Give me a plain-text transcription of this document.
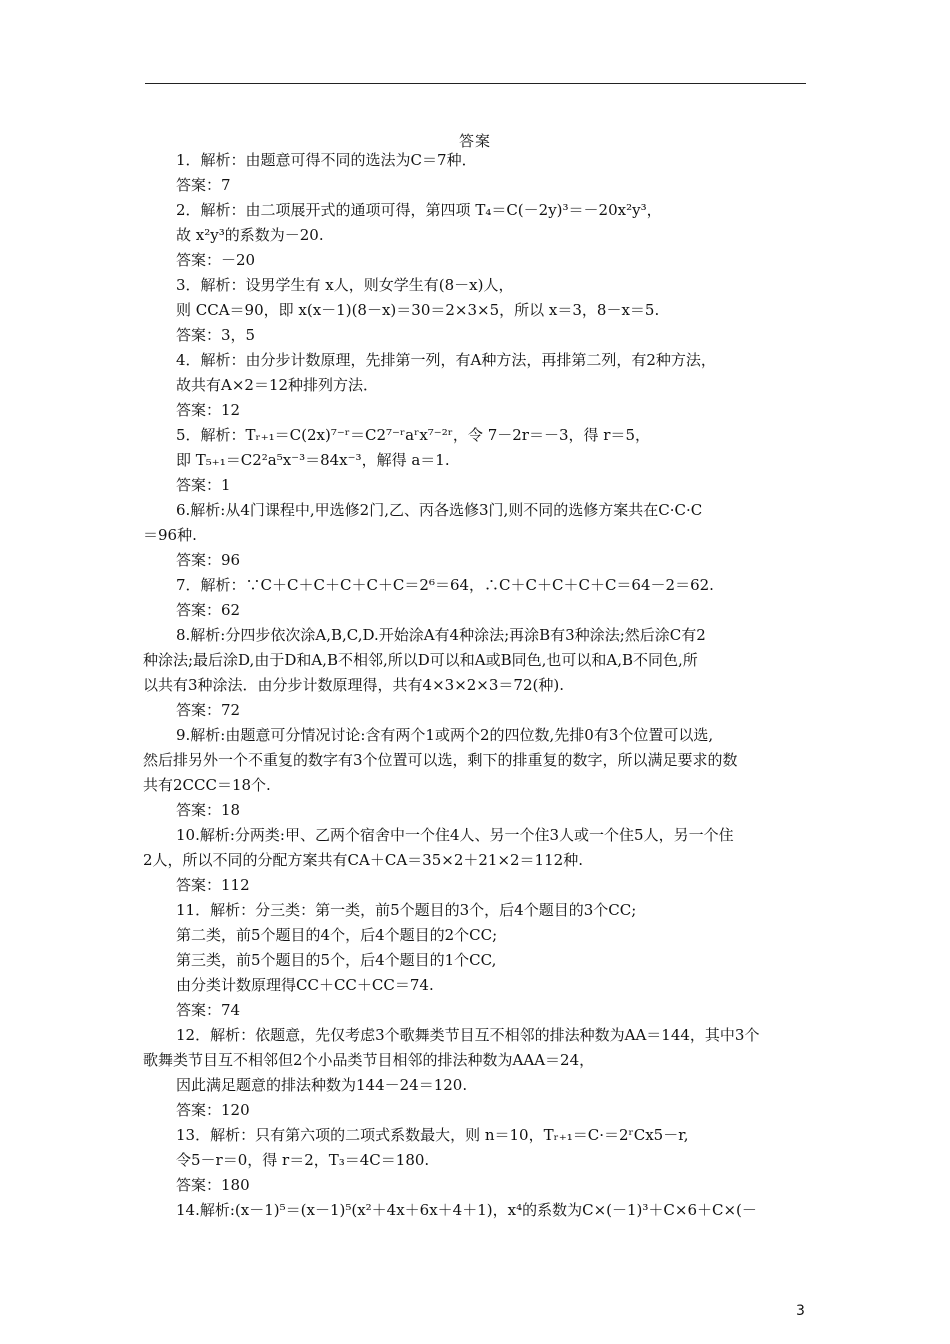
答案
1．解析：由题意可得不同的选法为C＝7种．
答案：7
2．解析：由二项展开式的通项可得，第四项 T₄＝C(－2y)³＝－20x²y³，
故 x²y³的系数为－20.
答案：－20
3．解析：设男学生有 x人，则女学生有(8－x)人，
则 CCA＝90，即 x(x－1)(8－x)＝30＝2×3×5，所以 x＝3，8－x＝5.
答案：3，5
4．解析：由分步计数原理，先排第一列，有A种方法，再排第二列，有2种方法，
故共有A×2＝12种排列方法．
答案：12
5．解析：Tᵣ₊₁＝C(2x)⁷⁻ʳ＝C2⁷⁻ʳaʳx⁷⁻²ʳ，令 7－2r＝－3，得 r＝5，
即 T₅₊₁＝C2²a⁵x⁻³＝84x⁻³，解得 a＝1.
答案：1
6.解析:从4门课程中,甲选修2门,乙、丙各选修3门,则不同的选修方案共在C·C·C
＝96种.
答案：96
7．解析：∵C＋C＋C＋C＋C＋C＝2⁶＝64，∴C＋C＋C＋C＋C＝64－2＝62.
答案：62
8.解析:分四步依次涂A,B,C,D.开始涂A有4种涂法;再涂B有3种涂法;然后涂C有2
种涂法;最后涂D,由于D和A,B不相邻,所以D可以和A或B同色,也可以和A,B不同色,所
以共有3种涂法．由分步计数原理得，共有4×3×2×3＝72(种).
答案：72
9.解析:由题意可分情况讨论:含有两个1或两个2的四位数,先排0有3个位置可以选,
然后排另外一个不重复的数字有3个位置可以选，剩下的排重复的数字，所以满足要求的数
共有2CCC＝18个.
答案：18
10.解析:分两类:甲、乙两个宿舍中一个住4人、另一个住3人或一个住5人，另一个住
2人，所以不同的分配方案共有CA＋CA＝35×2＋21×2＝112种.
答案：112
11．解析：分三类：第一类，前5个题目的3个，后4个题目的3个CC;
第二类，前5个题目的4个，后4个题目的2个CC;
第三类，前5个题目的5个，后4个题目的1个CC,
由分类计数原理得CC＋CC＋CC＝74.
答案：74
12．解析：依题意，先仅考虑3个歌舞类节目互不相邻的排法种数为AA＝144，其中3个
歌舞类节目互不相邻但2个小品类节目相邻的排法种数为AAA＝24，
因此满足题意的排法种数为144－24＝120.
答案：120
13．解析：只有第六项的二项式系数最大，则 n＝10，Tᵣ₊₁＝C·＝2ʳCx5－r,
令5－r＝0，得 r＝2，T₃＝4C＝180.
答案：180
14.解析:(x－1)⁵＝(x－1)⁵(x²＋4x＋6x＋4＋1)，x⁴的系数为C×(－1)³＋C×6＋C×(－
3
